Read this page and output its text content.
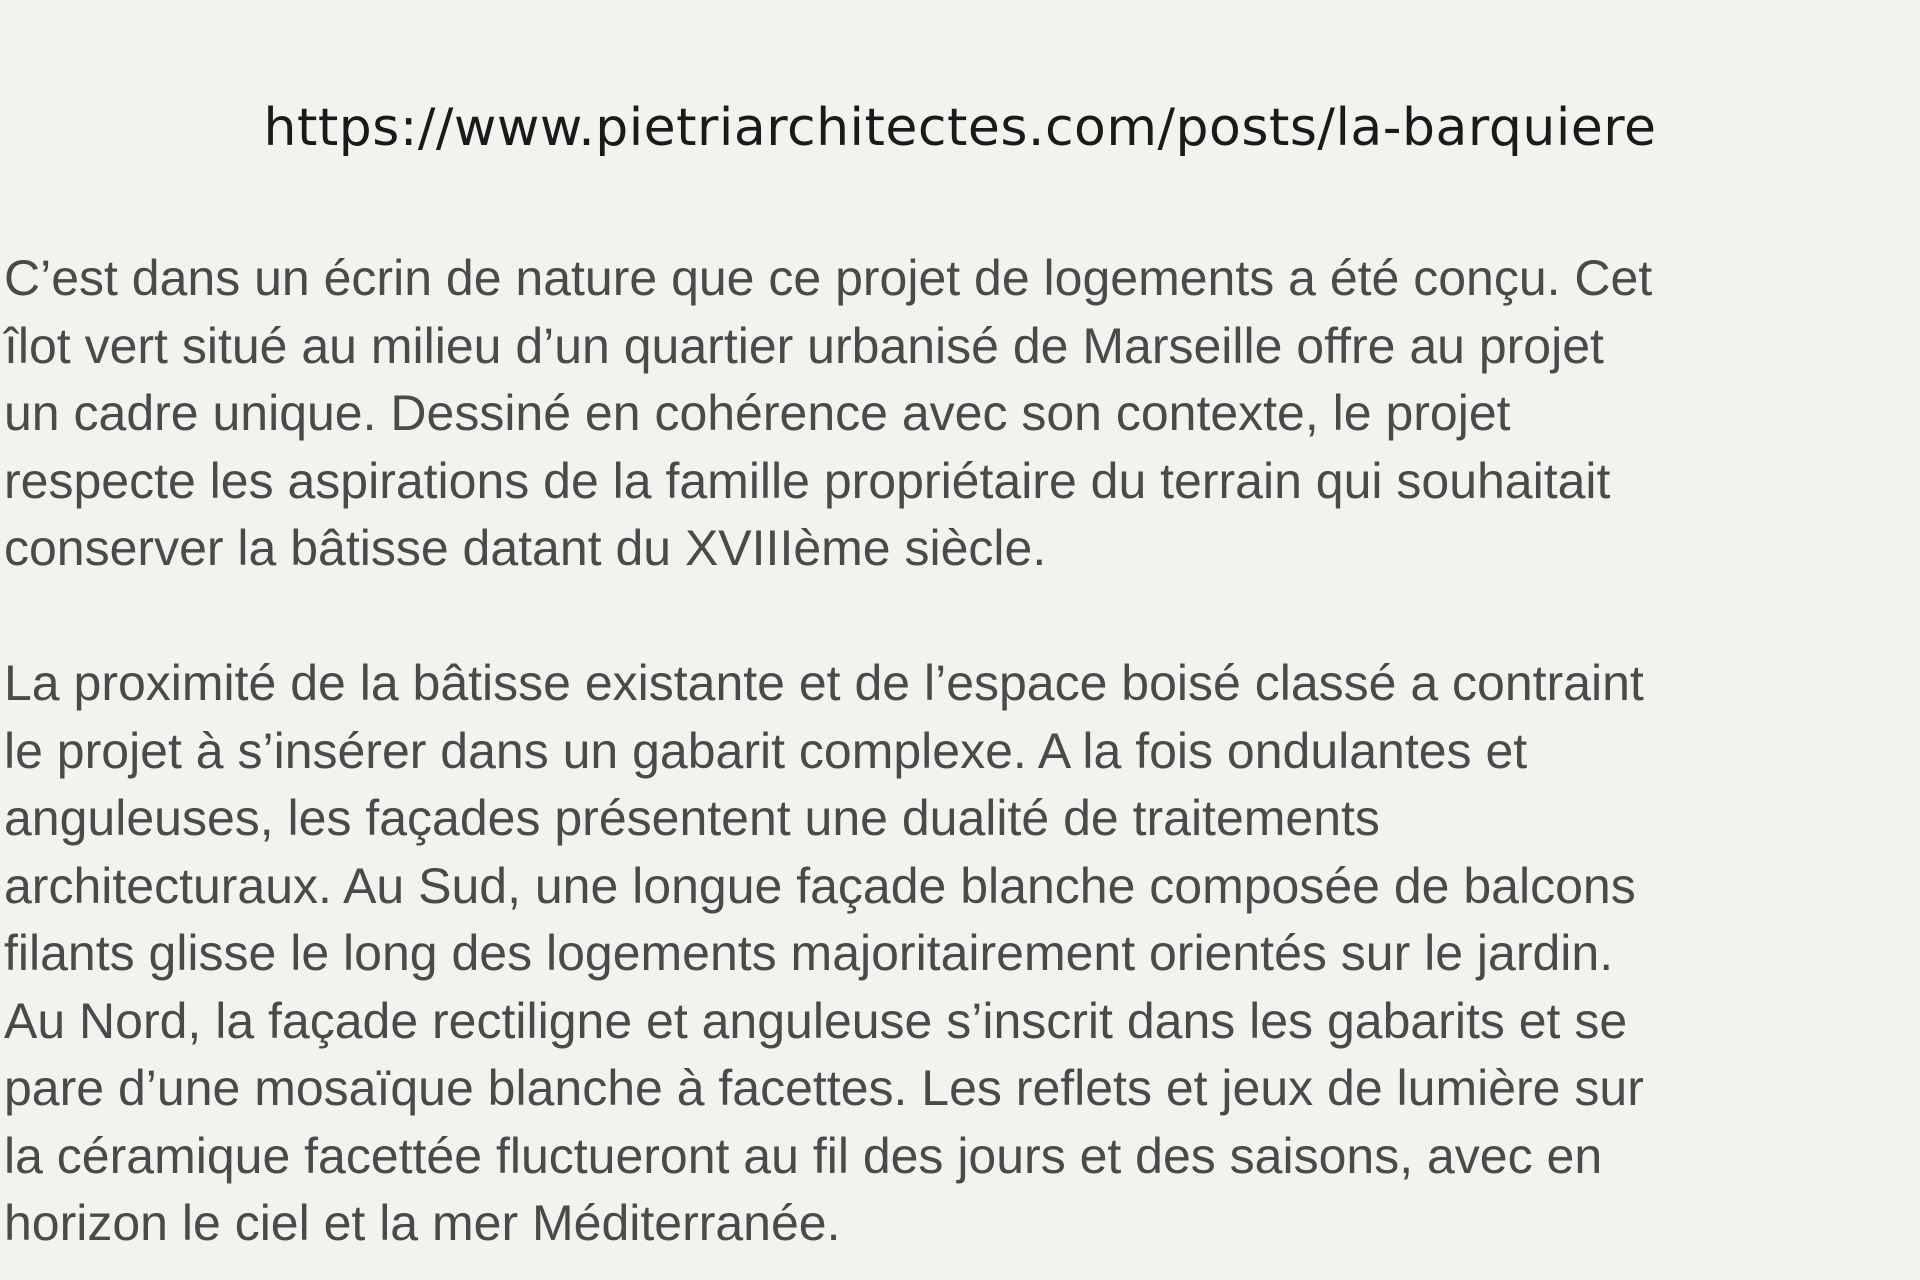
https://www.pietriarchitectes.com/posts/la-barquiere

C’est dans un écrin de nature que ce projet de logements a été conçu. Cet
îlot vert situé au milieu d’un quartier urbanisé de Marseille offre au projet
un cadre unique. Dessiné en cohérence avec son contexte, le projet
respecte les aspirations de la famille propriétaire du terrain qui souhaitait
conserver la bâtisse datant du XVIIIème siècle.

La proximité de la bâtisse existante et de l’espace boisé classé a contraint
le projet à s’insérer dans un gabarit complexe. A la fois ondulantes et
anguleuses, les façades présentent une dualité de traitements
architecturaux. Au Sud, une longue façade blanche composée de balcons
filants glisse le long des logements majoritairement orientés sur le jardin.
Au Nord, la façade rectiligne et anguleuse s’inscrit dans les gabarits et se
pare d’une mosaïque blanche à facettes. Les reflets et jeux de lumière sur
la céramique facettée fluctueront au fil des jours et des saisons, avec en
horizon le ciel et la mer Méditerranée.
